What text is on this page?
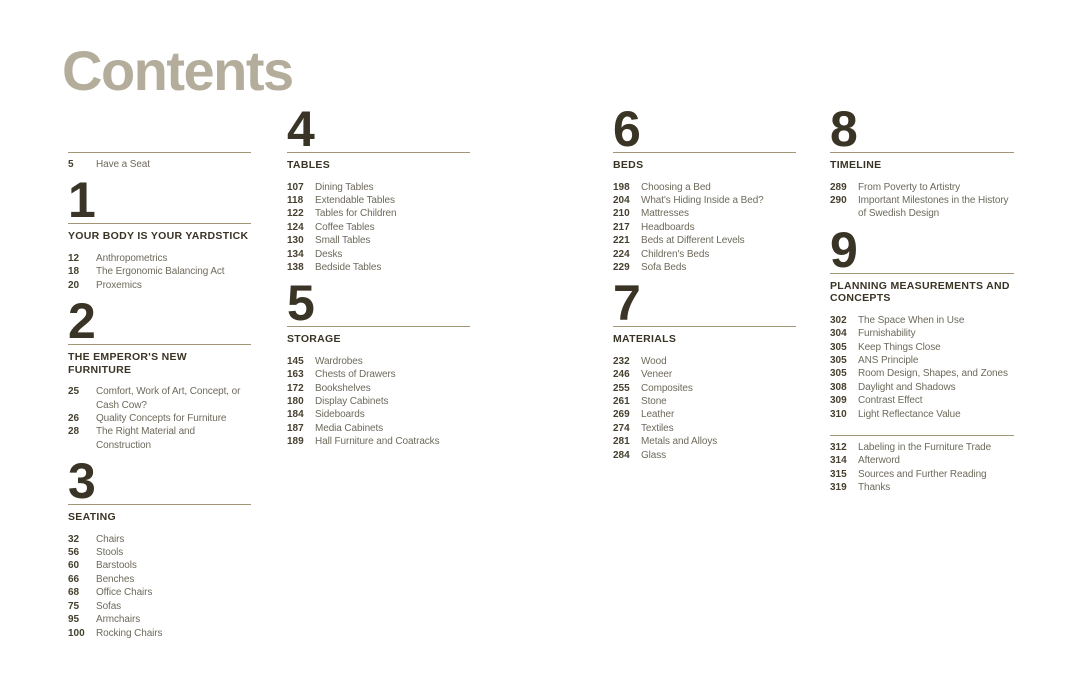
Contents
5	Have a Seat
1
YOUR BODY IS YOUR YARDSTICK
12	Anthropometrics
18	The Ergonomic Balancing Act
20	Proxemics
2
THE EMPEROR'S NEW FURNITURE
25	Comfort, Work of Art, Concept, or Cash Cow?
26	Quality Concepts for Furniture
28	The Right Material and Construction
3
SEATING
32	Chairs
56	Stools
60	Barstools
66	Benches
68	Office Chairs
75	Sofas
95	Armchairs
100	Rocking Chairs
4
TABLES
107	Dining Tables
118	Extendable Tables
122	Tables for Children
124	Coffee Tables
130	Small Tables
134	Desks
138	Bedside Tables
5
STORAGE
145	Wardrobes
163	Chests of Drawers
172	Bookshelves
180	Display Cabinets
184	Sideboards
187	Media Cabinets
189	Hall Furniture and Coatracks
6
BEDS
198	Choosing a Bed
204	What's Hiding Inside a Bed?
210	Mattresses
217	Headboards
221	Beds at Different Levels
224	Children's Beds
229	Sofa Beds
7
MATERIALS
232	Wood
246	Veneer
255	Composites
261	Stone
269	Leather
274	Textiles
281	Metals and Alloys
284	Glass
8
TIMELINE
289	From Poverty to Artistry
290	Important Milestones in the History of Swedish Design
9
PLANNING MEASUREMENTS AND CONCEPTS
302	The Space When in Use
304	Furnishability
305	Keep Things Close
305	ANS Principle
305	Room Design, Shapes, and Zones
308	Daylight and Shadows
309	Contrast Effect
310	Light Reflectance Value
312	Labeling in the Furniture Trade
314	Afterword
315	Sources and Further Reading
319	Thanks
